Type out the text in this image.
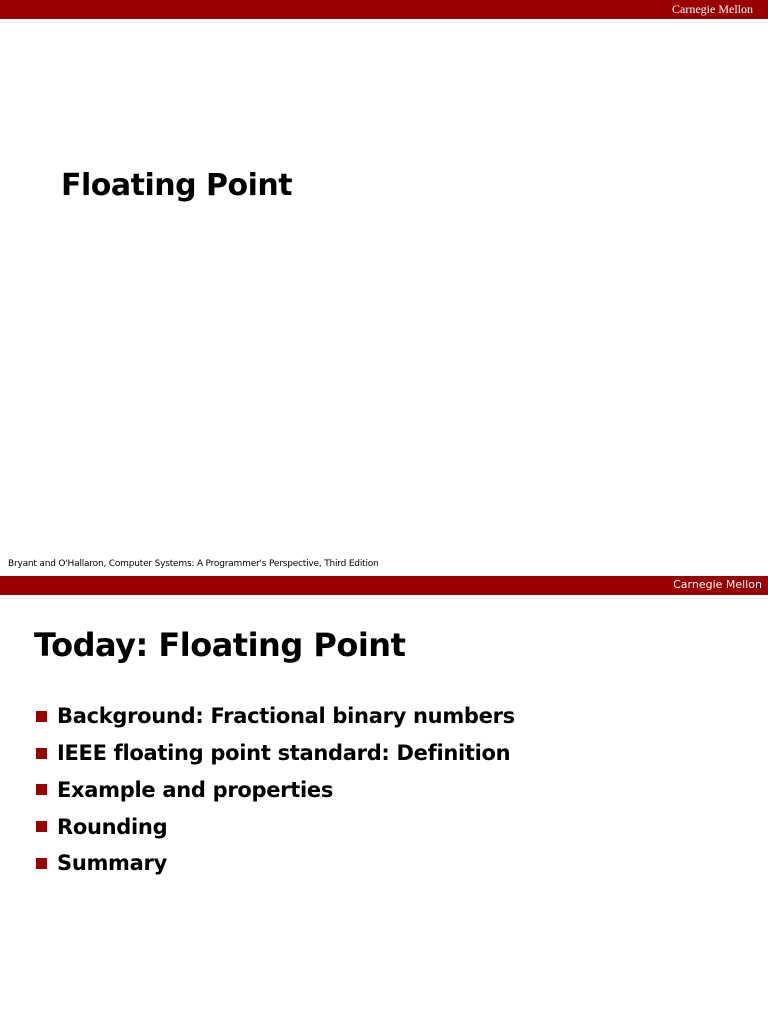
Carnegie Mellon
Floating Point
Bryant and O'Hallaron, Computer Systems: A Programmer's Perspective, Third Edition
Carnegie Mellon
Today: Floating Point
Background: Fractional binary numbers
IEEE floating point standard: Definition
Example and properties
Rounding
Summary
